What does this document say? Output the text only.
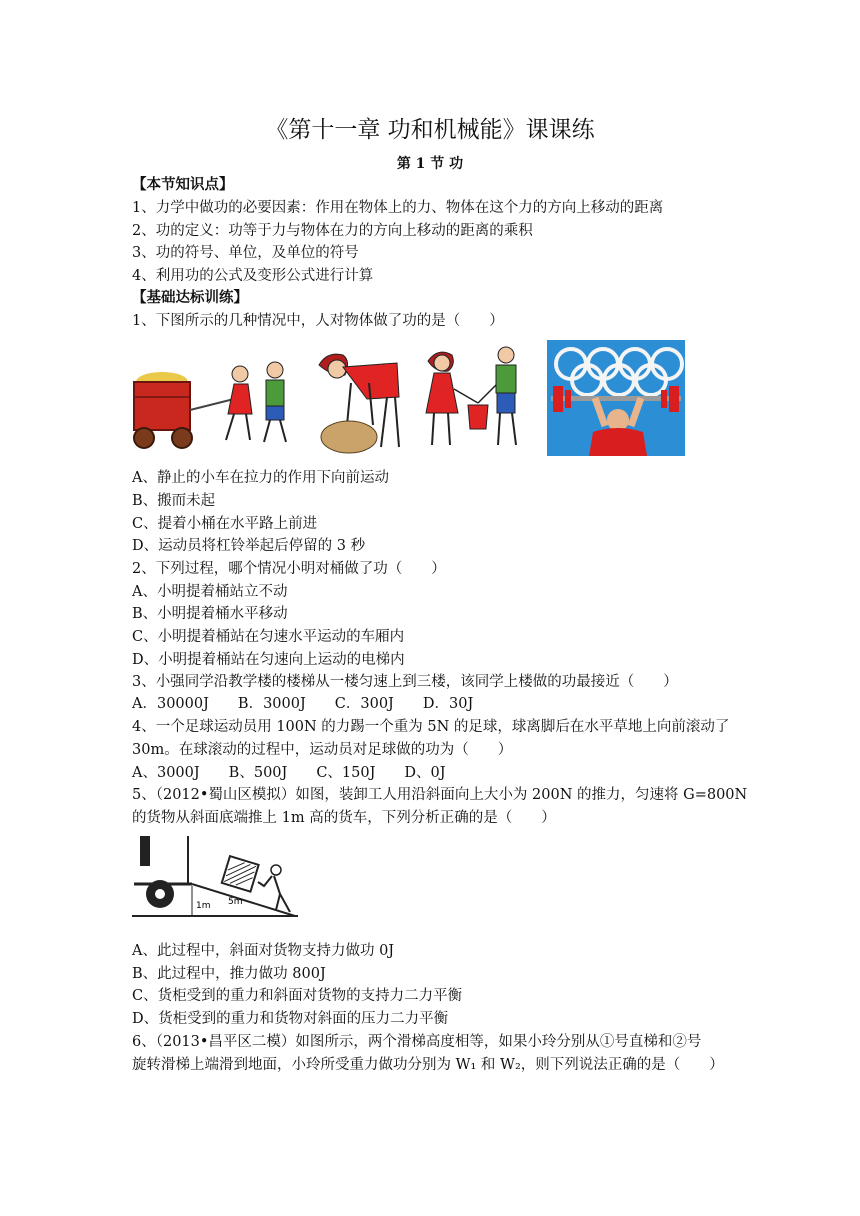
《第十一章 功和机械能》课课练
第 1 节 功
【本节知识点】
1、力学中做功的必要因素：作用在物体上的力、物体在这个力的方向上移动的距离
2、功的定义：功等于力与物体在力的方向上移动的距离的乘积
3、功的符号、单位，及单位的符号
4、利用功的公式及变形公式进行计算
【基础达标训练】
1、下图所示的几种情况中，人对物体做了功的是（　　）
A、静止的小车在拉力的作用下向前运动
B、搬而未起
C、提着小桶在水平路上前进
D、运动员将杠铃举起后停留的 3 秒
2、下列过程，哪个情况小明对桶做了功（　　）
A、小明提着桶站立不动
B、小明提着桶水平移动
C、小明提着桶站在匀速水平运动的车厢内
D、小明提着桶站在匀速向上运动的电梯内
3、小强同学沿教学楼的楼梯从一楼匀速上到三楼，该同学上楼做的功最接近（　　）
A．30000J　　B．3000J　　C．300J　　D．30J
4、一个足球运动员用 100N 的力踢一个重为 5N 的足球，球离脚后在水平草地上向前滚动了
30m。在球滚动的过程中，运动员对足球做的功为（　　）
A、3000J　　B、500J　　C、150J　　D、0J
5、（2012•蜀山区模拟）如图，装卸工人用沿斜面向上大小为 200N 的推力，匀速将 G=800N
的货物从斜面底端推上 1m 高的货车，下列分析正确的是（　　）
1m 5m
A、此过程中，斜面对货物支持力做功 0J
B、此过程中，推力做功 800J
C、货柜受到的重力和斜面对货物的支持力二力平衡
D、货柜受到的重力和货物对斜面的压力二力平衡
6、（2013•昌平区二模）如图所示，两个滑梯高度相等，如果小玲分别从①号直梯和②号
旋转滑梯上端滑到地面，小玲所受重力做功分别为 W₁ 和 W₂，则下列说法正确的是（　　）
